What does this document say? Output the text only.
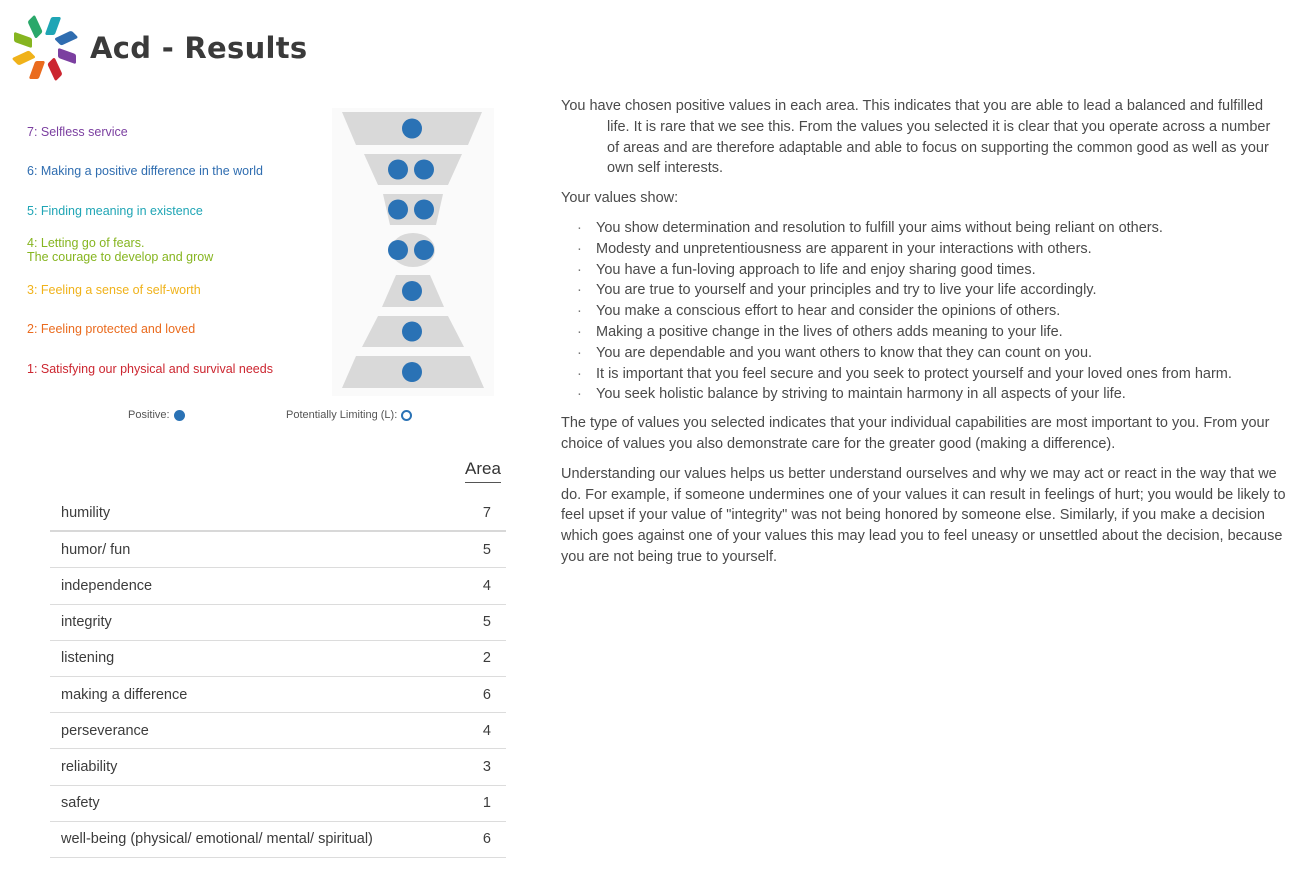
Acd - Results
7: Selfless service
6: Making a positive difference in the world
5: Finding meaning in existence
4: Letting go of fears.
The courage to develop and grow
3: Feeling a sense of self-worth
2: Feeling protected and loved
1: Satisfying our physical and survival needs
Positive:	Potentially Limiting (L):
Area
humility	7
humor/ fun	5
independence	4
integrity	5
listening	2
making a difference	6
perseverance	4
reliability	3
safety	1
well-being (physical/ emotional/ mental/ spiritual)	6

You have chosen positive values in each area. This indicates that you are able to lead a balanced and fulfilled life. It is rare that we see this. From the values you selected it is clear that you operate across a number of areas and are therefore adaptable and able to focus on supporting the common good as well as your own self interests.

Your values show:

· You show determination and resolution to fulfill your aims without being reliant on others.
· Modesty and unpretentiousness are apparent in your interactions with others.
· You have a fun-loving approach to life and enjoy sharing good times.
· You are true to yourself and your principles and try to live your life accordingly.
· You make a conscious effort to hear and consider the opinions of others.
· Making a positive change in the lives of others adds meaning to your life.
· You are dependable and you want others to know that they can count on you.
· It is important that you feel secure and you seek to protect yourself and your loved ones from harm.
· You seek holistic balance by striving to maintain harmony in all aspects of your life.

The type of values you selected indicates that your individual capabilities are most important to you. From your choice of values you also demonstrate care for the greater good (making a difference).

Understanding our values helps us better understand ourselves and why we may act or react in the way that we do. For example, if someone undermines one of your values it can result in feelings of hurt; you would be likely to feel upset if your value of "integrity" was not being honored by someone else. Similarly, if you make a decision which goes against one of your values this may lead you to feel uneasy or unsettled about the decision, because you are not being true to yourself.
